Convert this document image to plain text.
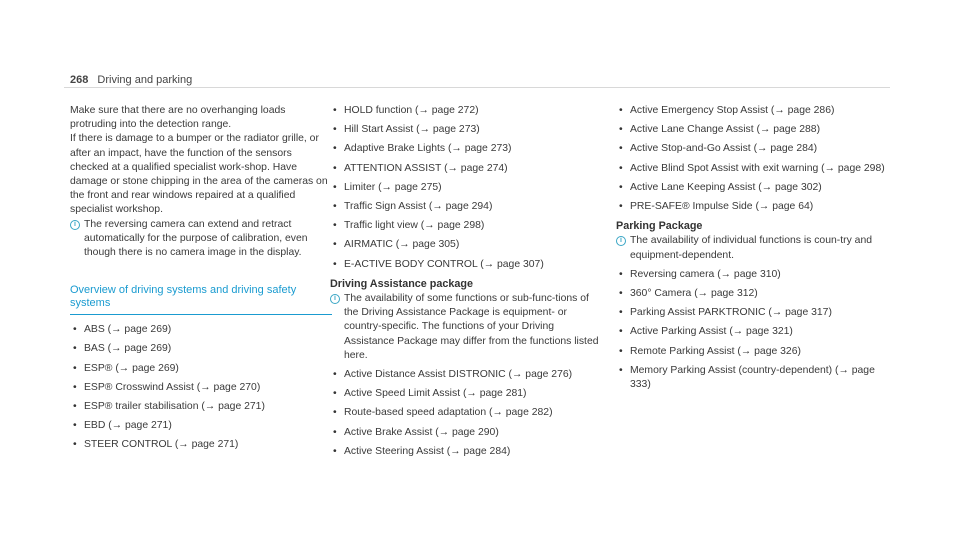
268 Driving and parking

Make sure that there are no overhanging loads protruding into the detection range.

If there is damage to a bumper or the radiator grille, or after an impact, have the function of the sensors checked at a qualified specialist work-shop. Have damage or stone chipping in the area of the cameras on the front and rear windows repaired at a qualified specialist workshop.

i The reversing camera can extend and retract automatically for the purpose of calibration, even though there is no camera image in the display.
Overview of driving systems and driving safety systems
• ABS (→ page 269)
• BAS (→ page 269)
• ESP® (→ page 269)
• ESP® Crosswind Assist (→ page 270)
• ESP® trailer stabilisation (→ page 271)
• EBD (→ page 271)
• STEER CONTROL (→ page 271)
• HOLD function (→ page 272)
• Hill Start Assist (→ page 273)
• Adaptive Brake Lights (→ page 273)
• ATTENTION ASSIST (→ page 274)
• Limiter (→ page 275)
• Traffic Sign Assist (→ page 294)
• Traffic light view (→ page 298)
• AIRMATIC (→ page 305)
• E-ACTIVE BODY CONTROL (→ page 307)
Driving Assistance package
i The availability of some functions or sub-func-tions of the Driving Assistance Package is equipment- or country-specific. The functions of your Driving Assistance Package may differ from the functions listed here.
• Active Distance Assist DISTRONIC (→ page 276)
• Active Speed Limit Assist (→ page 281)
• Route-based speed adaptation (→ page 282)
• Active Brake Assist (→ page 290)
• Active Steering Assist (→ page 284)
• Active Emergency Stop Assist (→ page 286)
• Active Lane Change Assist (→ page 288)
• Active Stop-and-Go Assist (→ page 284)
• Active Blind Spot Assist with exit warning (→ page 298)
• Active Lane Keeping Assist (→ page 302)
• PRE-SAFE® Impulse Side (→ page 64)
Parking Package
i The availability of individual functions is coun-try and equipment-dependent.
• Reversing camera (→ page 310)
• 360° Camera (→ page 312)
• Parking Assist PARKTRONIC (→ page 317)
• Active Parking Assist (→ page 321)
• Remote Parking Assist (→ page 326)
• Memory Parking Assist (country-dependent) (→ page 333)
